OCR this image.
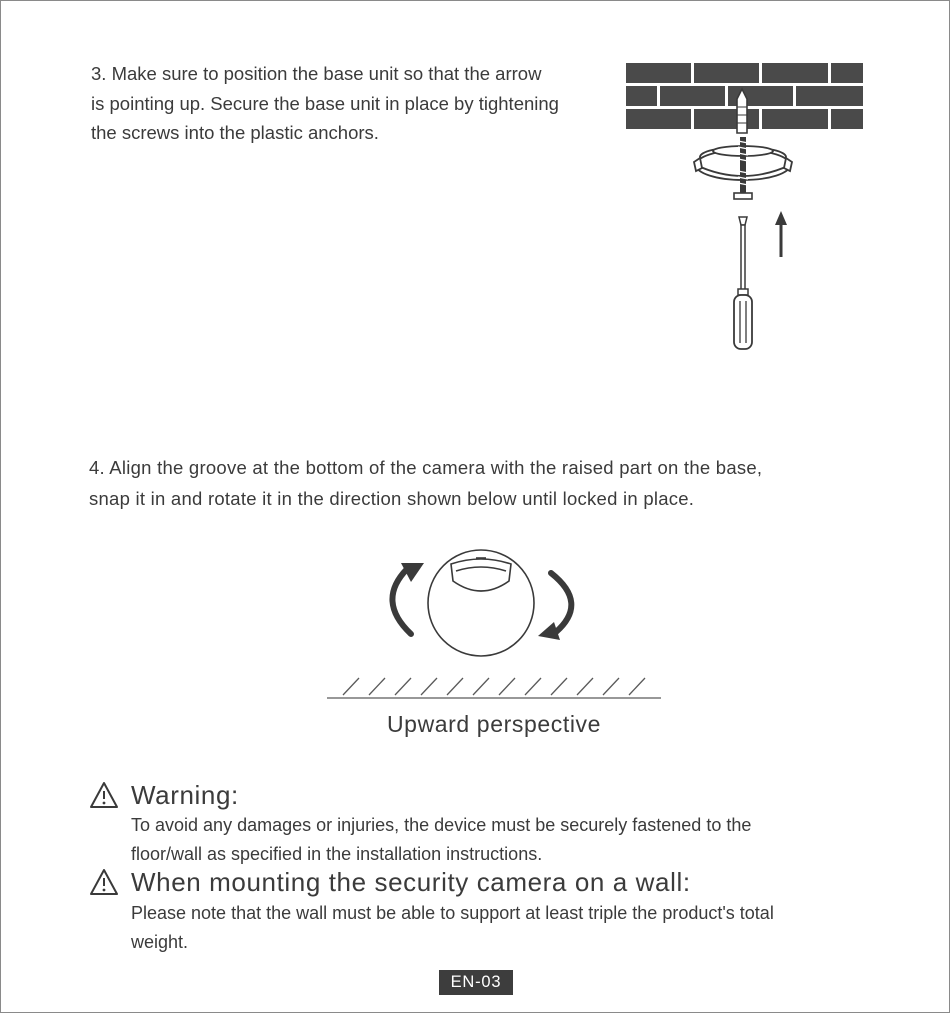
3. Make sure to position the base unit so that the arrow
is pointing up. Secure the base unit in place by tightening
the screws into the plastic anchors.
4. Align the groove at the bottom of the camera with the raised part on the base,
snap it in and rotate it in the direction shown below until locked in place.
Upward perspective
Warning:
To avoid any damages or injuries, the device must be securely fastened to the
floor/wall as specified in the installation instructions.
When mounting the security camera on a wall:
Please note that the wall must be able to support at least triple the product's total
weight.
EN-03
